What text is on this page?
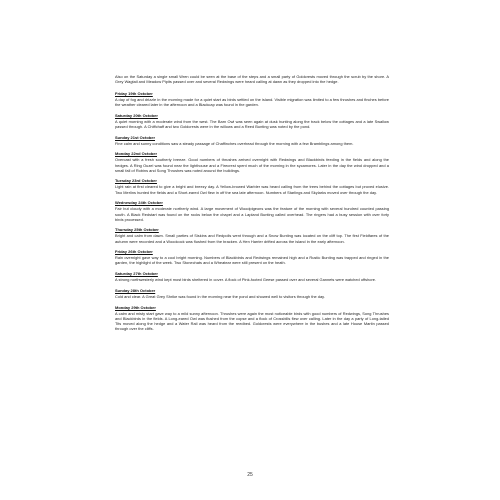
Also on the Saturday a single small Wren could be seen at the base of the steps and a small party of Goldcrests moved through the scrub by the shore. A Grey Wagtail and Meadow Pipits passed over and several Redwings were heard calling at dawn as they dropped into the hedge.

Friday 19th October

A day of fog and drizzle in the morning made for a quiet start as birds settled on the island. Visible migration was limited to a few thrushes and finches before the weather cleared later in the afternoon and a Blackcap was found in the garden.

Saturday 20th October

A quiet morning with a moderate wind from the west. The Barn Owl was seen again at dusk hunting along the track below the cottages and a late Swallow passed through. A Chiffchaff and two Goldcrests were in the willows and a Reed Bunting was noted by the pond.

Sunday 21st October

Fine calm and sunny conditions saw a steady passage of Chaffinches overhead through the morning with a few Bramblings among them.

Monday 22nd October

Overcast with a fresh southerly breeze. Good numbers of thrushes arrived overnight with Redwings and Blackbirds feeding in the fields and along the hedges. A Ring Ouzel was found near the lighthouse and a Firecrest spent much of the morning in the sycamores. Later in the day the wind dropped and a small fall of Robins and Song Thrushes was noted around the buildings.

Tuesday 23rd October

Light rain at first cleared to give a bright and breezy day. A Yellow-browed Warbler was heard calling from the trees behind the cottages but proved elusive. Two Merlins hunted the fields and a Short-eared Owl flew in off the sea late afternoon. Numbers of Starlings and Skylarks moved over through the day.

Wednesday 24th October

Fair but cloudy with a moderate northerly wind. A large movement of Woodpigeons was the feature of the morning with several hundred counted passing south. A Black Redstart was found on the rocks below the chapel and a Lapland Bunting called overhead. The ringers had a busy session with over forty birds processed.

Thursday 25th October

Bright and calm from dawn. Small parties of Siskins and Redpolls went through and a Snow Bunting was located on the cliff top. The first Fieldfares of the autumn were recorded and a Woodcock was flushed from the bracken. A Hen Harrier drifted across the island in the early afternoon.

Friday 26th October

Rain overnight gave way to a cool bright morning. Numbers of Blackbirds and Redwings remained high and a Rustic Bunting was trapped and ringed in the garden, the highlight of the week. Two Stonechats and a Wheatear were still present on the heath.

Saturday 27th October

A strong northwesterly wind kept most birds sheltered in cover. A flock of Pink-footed Geese passed over and several Gannets were watched offshore.

Sunday 28th October

Cold and clear. A Great Grey Shrike was found in the morning near the pond and showed well to visitors through the day.

Monday 29th October

A calm and misty start gave way to a mild sunny afternoon. Thrushes were again the most noticeable birds with good numbers of Redwings, Song Thrushes and Blackbirds in the fields. A Long-eared Owl was flushed from the copse and a flock of Crossbills flew over calling. Later in the day a party of Long-tailed Tits moved along the hedge and a Water Rail was heard from the reedbed. Goldcrests were everywhere in the bushes and a late House Martin passed through over the cliffs.

25
